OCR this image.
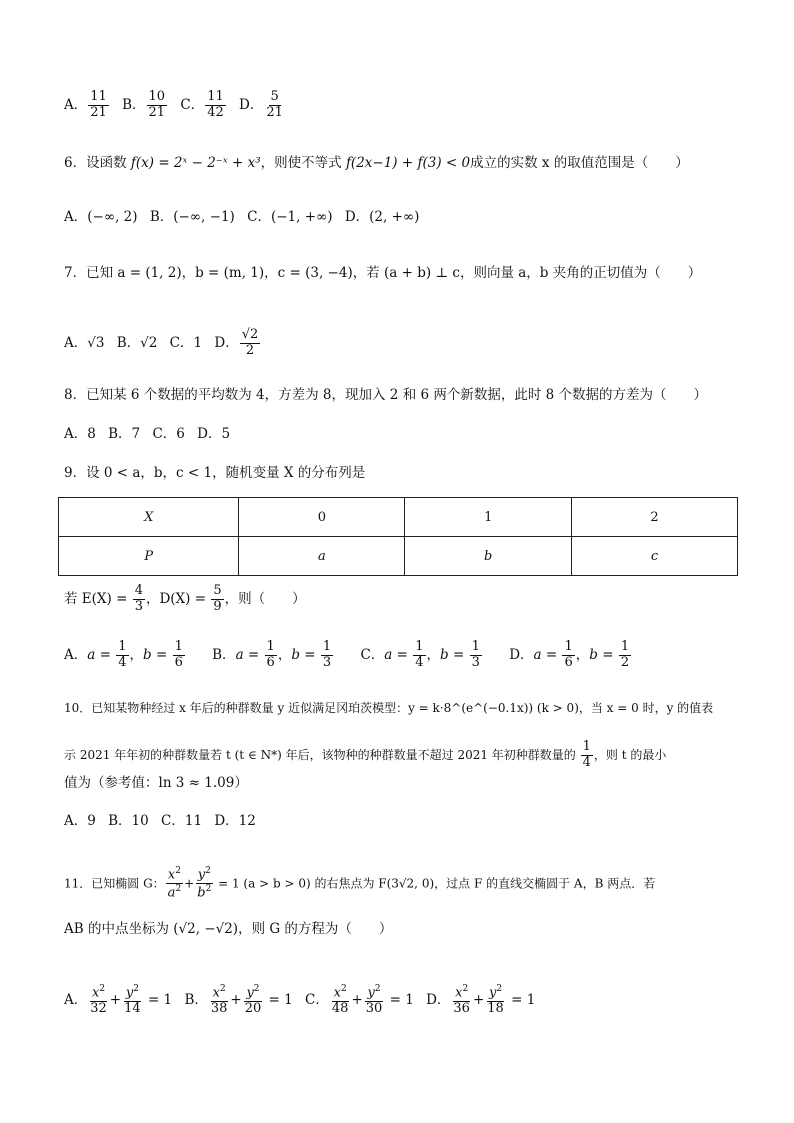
A． $\frac{11}{21}$ B． $\frac{10}{21}$ C． $\frac{11}{42}$ D． $\frac{5}{21}$
6．设函数 f(x) = 2ˣ − 2⁻ˣ + x³，则使不等式 f(2x−1) + f(3) < 0成立的实数 x 的取值范围是（　　）
A．(−∞, 2) B．(−∞, −1) C．(−1, +∞) D．(2, +∞)
7．已知 a = (1, 2)，b = (m, 1)，c = (3, −4)，若 (a + b) ⊥ c，则向量 a，b 夹角的正切值为（　　）
A．√3 B．√2 C．1 D． $\frac{√2}{2}$
8．已知某 6 个数据的平均数为 4，方差为 8，现加入 2 和 6 两个新数据，此时 8 个数据的方差为（　　）
A．8 B．7 C．6 D．5
9．设 0 < a，b，c < 1，随机变量 X 的分布列是
X	0	1	2
P	a	b	c
若 $E(X) = \frac{4}{3}$ ，$D(X) = \frac{5}{9}$ ，则（　　）
A．$a = \frac{1}{4}$ ，$b = \frac{1}{6}$ B．$a = \frac{1}{6}$ ，$b = \frac{1}{3}$ C．$a = \frac{1}{4}$ ，$b = \frac{1}{3}$ D．$a = \frac{1}{6}$ ，$b = \frac{1}{2}$
10．已知某物种经过 x 年后的种群数量 y 近似满足冈珀茨模型：y = k·8^(e^(−0.1x)) (k > 0)，当 x = 0 时，y 的值表
示 2021 年年初的种群数量若 t (t ∈ N*) 年后，该物种的种群数量不超过 2021 年初种群数量的 $\frac{1}{4}$ ，则 t 的最小
值为（参考值：ln 3 ≈ 1.09）
A．9 B．10 C．11 D．12
11．已知椭圆 G： $\frac{x^2}{a^2} + \frac{y^2}{b^2} = 1$ (a > b > 0) 的右焦点为 F(3√2, 0)，过点 F 的直线交椭圆于 A，B 两点．若
AB 的中点坐标为 (√2, −√2)，则 G 的方程为（　　）
A． $\frac{x^2}{32} + \frac{y^2}{14} = 1$ B． $\frac{x^2}{38} + \frac{y^2}{20} = 1$ C． $\frac{x^2}{48} + \frac{y^2}{30} = 1$ D． $\frac{x^2}{36} + \frac{y^2}{18} = 1$
